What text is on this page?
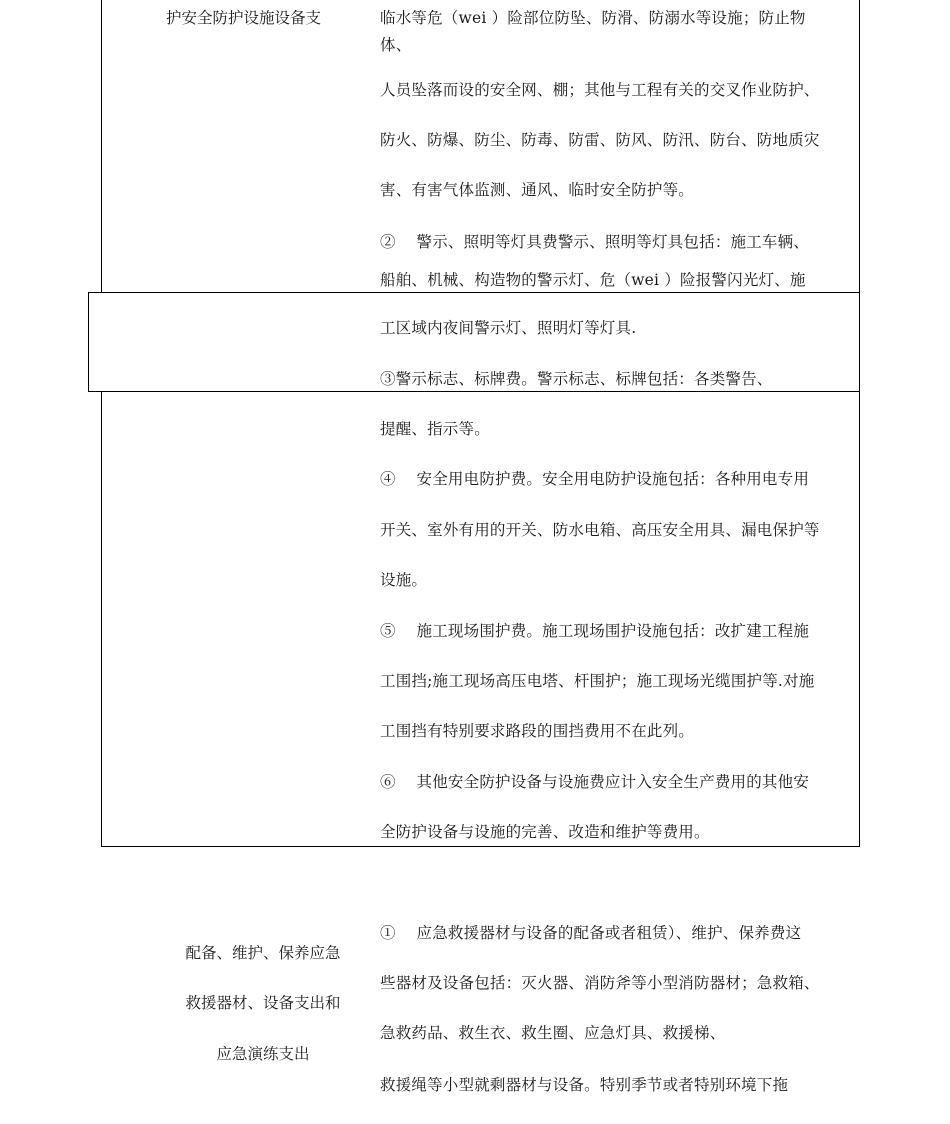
护安全防护设施设备支	临水等危（wei ）险部位防坠、防滑、防溺水等设施；防止物
体、
人员坠落而设的安全网、棚；其他与工程有关的交叉作业防护、
防火、防爆、防尘、防毒、防雷、防风、防汛、防台、防地质灾
害、有害气体监测、通风、临时安全防护等。
②　 警示、照明等灯具费警示、照明等灯具包括：施工车辆、
船舶、机械、构造物的警示灯、危（wei ）险报警闪光灯、施
工区域内夜间警示灯、照明灯等灯具.
③警示标志、标牌费。警示标志、标牌包括：各类警告、
提醒、指示等。
④　 安全用电防护费。安全用电防护设施包括：各种用电专用
开关、室外有用的开关、防水电箱、高压安全用具、漏电保护等
设施。
⑤　 施工现场围护费。施工现场围护设施包括：改扩建工程施
工围挡;施工现场高压电塔、杆围护；施工现场光缆围护等.对施
工围挡有特别要求路段的围挡费用不在此列。
⑥　 其他安全防护设备与设施费应计入安全生产费用的其他安
全防护设备与设施的完善、改造和维护等费用。
配备、维护、保养应急
救援器材、设备支出和
应急演练支出
①　 应急救援器材与设备的配备或者租赁）、维护、保养费这
些器材及设备包括：灭火器、消防斧等小型消防器材；急救箱、
急救药品、救生衣、救生圈、应急灯具、救援梯、
救援绳等小型就剩器材与设备。特别季节或者特别环境下拖
